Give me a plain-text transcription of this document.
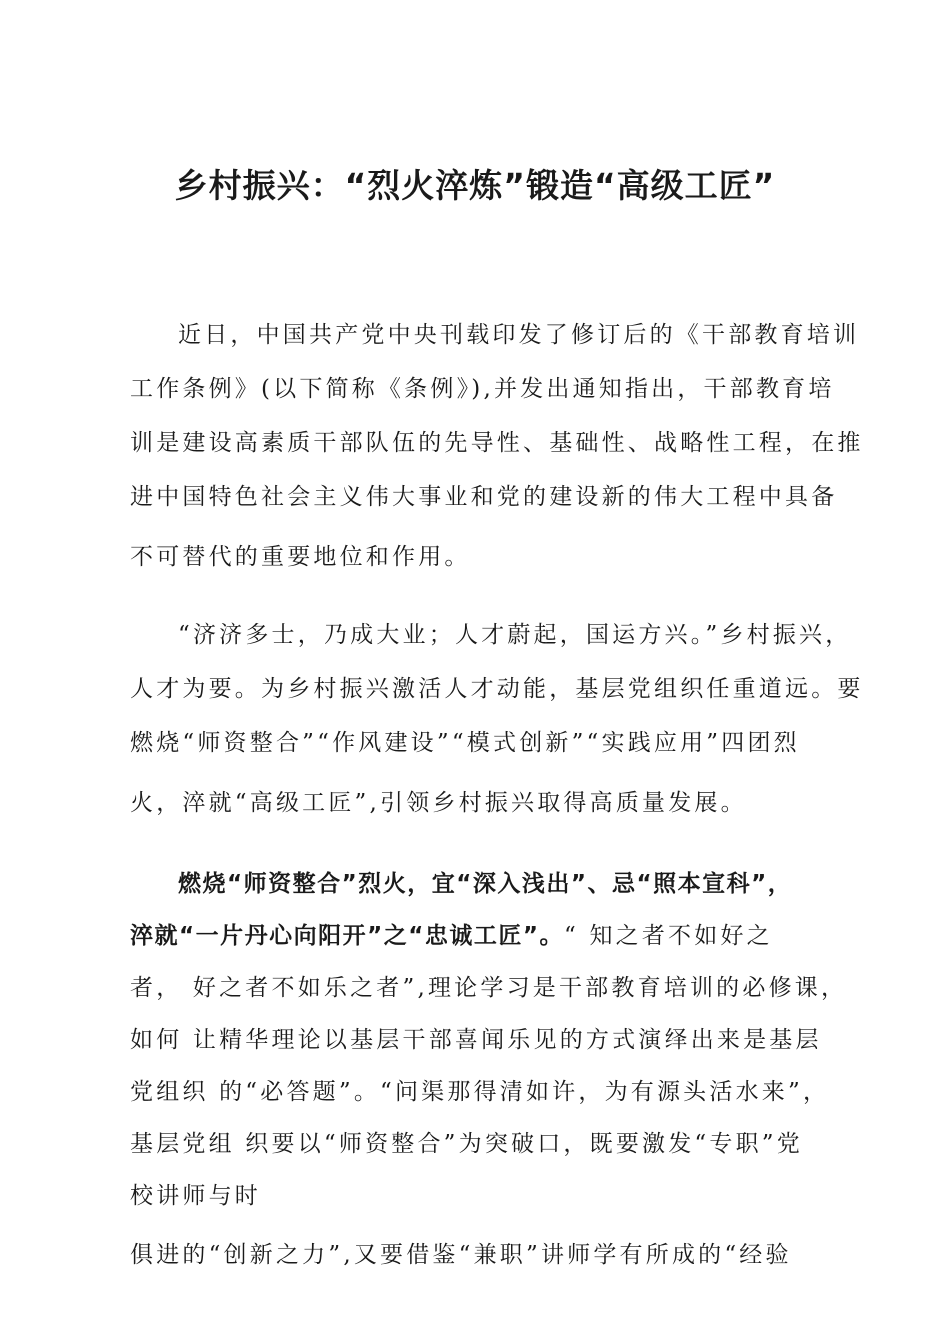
乡村振兴：“烈火淬炼”锻造“高级工匠”
近日，中国共产党中央刊载印发了修订后的《干部教育培训
工作条例》(以下简称《条例》),并发出通知指出，干部教育培
训是建设高素质干部队伍的先导性、基础性、战略性工程，在推
进中国特色社会主义伟大事业和党的建设新的伟大工程中具备
不可替代的重要地位和作用。
“济济多士，乃成大业；人才蔚起，国运方兴。”乡村振兴，
人才为要。为乡村振兴激活人才动能，基层党组织任重道远。要
燃烧“师资整合”“作风建设”“模式创新”“实践应用”四团烈
火，淬就“高级工匠”,引领乡村振兴取得高质量发展。
燃烧“师资整合”烈火，宜“深入浅出”、忌“照本宣科”，
淬就“一片丹心向阳开”之“忠诚工匠”。“ 知之者不如好之
者， 好之者不如乐之者”,理论学习是干部教育培训的必修课，
如何 让精华理论以基层干部喜闻乐见的方式演绎出来是基层
党组织 的“必答题”。“问渠那得清如许，为有源头活水来”，
基层党组 织要以“师资整合”为突破口，既要激发“专职”党
校讲师与时
俱进的“创新之力”,又要借鉴“兼职”讲师学有所成的“经验
